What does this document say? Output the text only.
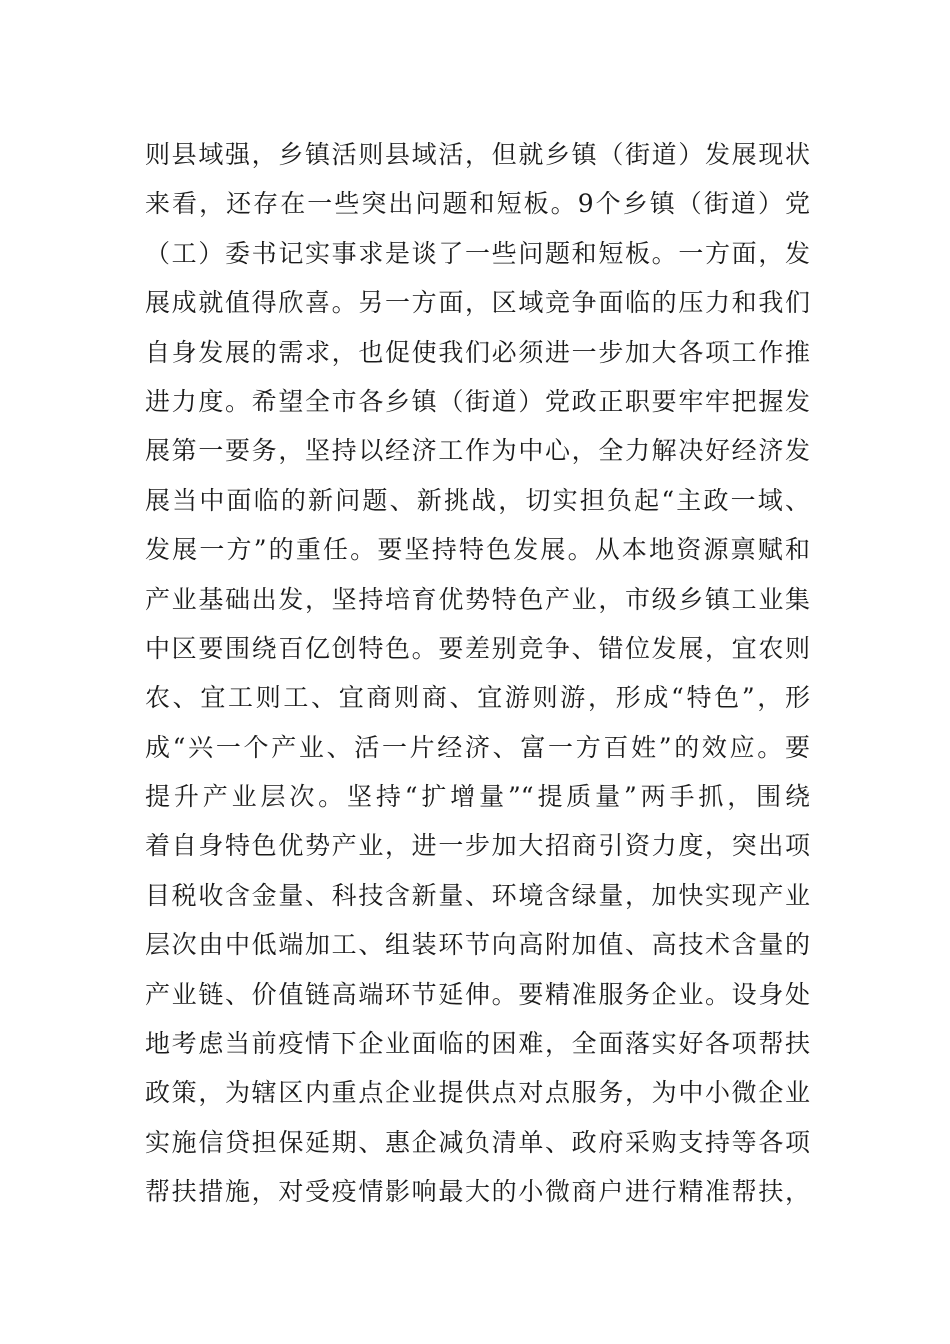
则县域强，乡镇活则县域活，但就乡镇（街道）发展现状
来看，还存在一些突出问题和短板。9个乡镇（街道）党
（工）委书记实事求是谈了一些问题和短板。一方面，发
展成就值得欣喜。另一方面，区域竞争面临的压力和我们
自身发展的需求，也促使我们必须进一步加大各项工作推
进力度。希望全市各乡镇（街道）党政正职要牢牢把握发
展第一要务，坚持以经济工作为中心，全力解决好经济发
展当中面临的新问题、新挑战，切实担负起“主政一域、
发展一方”的重任。要坚持特色发展。从本地资源禀赋和
产业基础出发，坚持培育优势特色产业，市级乡镇工业集
中区要围绕百亿创特色。要差别竞争、错位发展，宜农则
农、宜工则工、宜商则商、宜游则游，形成“特色”，形
成“兴一个产业、活一片经济、富一方百姓”的效应。要
提升产业层次。坚持“扩增量”“提质量”两手抓，围绕
着自身特色优势产业，进一步加大招商引资力度，突出项
目税收含金量、科技含新量、环境含绿量，加快实现产业
层次由中低端加工、组装环节向高附加值、高技术含量的
产业链、价值链高端环节延伸。要精准服务企业。设身处
地考虑当前疫情下企业面临的困难，全面落实好各项帮扶
政策，为辖区内重点企业提供点对点服务，为中小微企业
实施信贷担保延期、惠企减负清单、政府采购支持等各项
帮扶措施，对受疫情影响最大的小微商户进行精准帮扶，
